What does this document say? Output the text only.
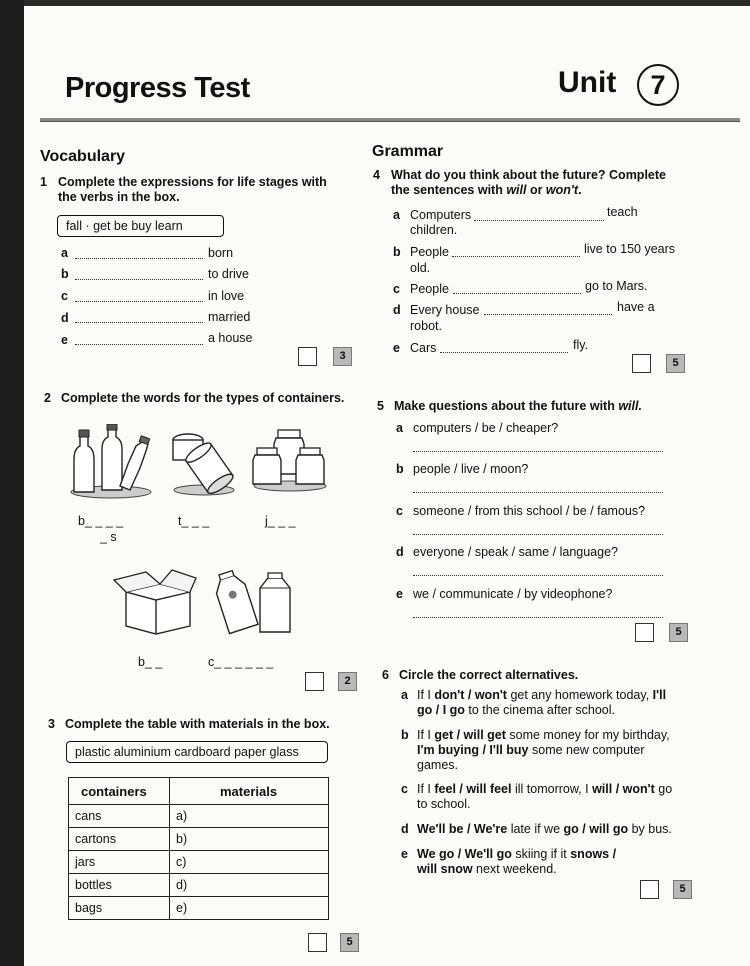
Progress Test	Unit	7
Vocabulary
1 Complete the expressions for life stages with the verbs in the box.
fall · get be buy learn
a	born
b	to drive
c	in love
d	married
e	a house
3
2 Complete the words for the types of containers.
b_ _ _ _
_ s
t_ _ _	j_ _ _
b_ _	c_ _ _ _ _ _
2
3 Complete the table with materials in the box.
plastic aluminium cardboard paper glass
containers	materials
cans	a)
cartons	b)
jars	c)
bottles	d)
bags	e)
5
Grammar
4 What do you think about the future? Complete the sentences with will or won't.
a Computers	teach
children.
b People	live to 150 years
old.
c People	go to Mars.
d Every house	have a
robot.
e Cars	fly.
5
5 Make questions about the future with will.
a computers / be / cheaper?
b people / live / moon?
c someone / from this school / be / famous?
d everyone / speak / same / language?
e we / communicate / by videophone?
5
6 Circle the correct alternatives.
a If I don't / won't get any homework today, I'll
go / I go to the cinema after school.
b If I get / will get some money for my birthday,
I'm buying / I'll buy some new computer
games.
c If I feel / will feel ill tomorrow, I will / won't go
to school.
d We'll be / We're late if we go / will go by bus.
e We go / We'll go skiing if it snows /
will snow next weekend.
5
